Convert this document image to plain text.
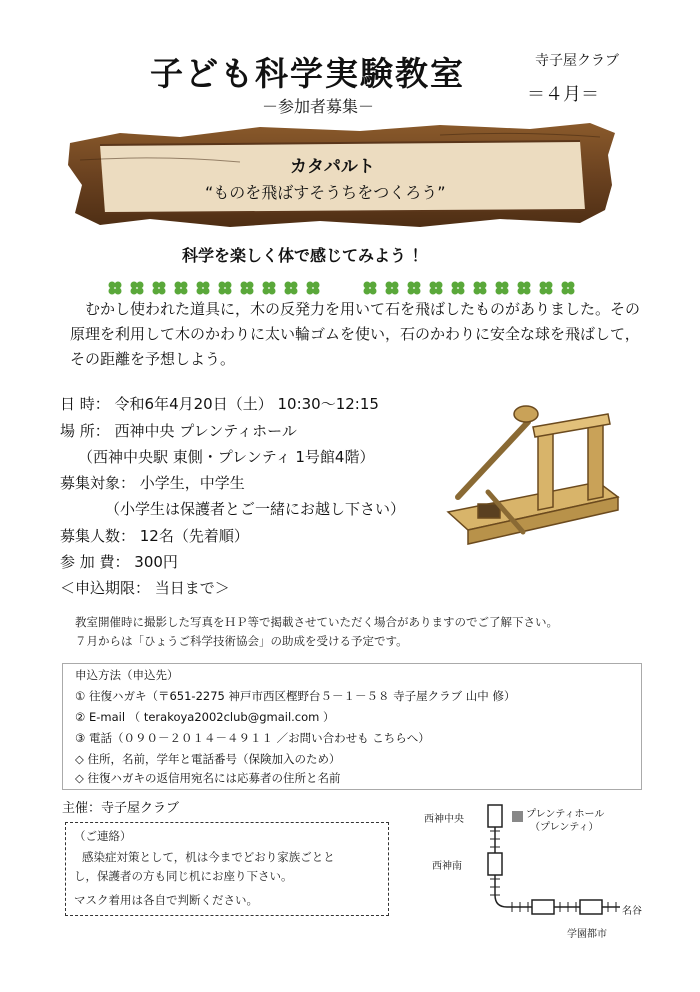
子ども科学実験教室
－参加者募集－
寺子屋クラブ
＝４月＝
カタパルト
“ものを飛ばすそうちをつくろう”
科学を楽しく体で感じてみよう ！
むかし使われた道具に，木の反発力を用いて石を飛ばしたものがありました。その原理を利用して木のかわりに太い輪ゴムを使い，石のかわりに安全な球を飛ばして，その距離を予想しよう。
日 時： 令和6年4月20日（土） 10:30～12:15
場 所： 西神中央 プレンティホール
（西神中央駅 東側・プレンティ 1号館4階）
募集対象： 小学生，中学生
（小学生は保護者とご一緒にお越し下さい）
募集人数： 12名（先着順）
参 加 費： 300円
＜申込期限： 当日まで＞
教室開催時に撮影した写真をＨＰ等で掲載させていただく場合がありますのでご了解下さい。
７月からは「ひょうご科学技術協会」の助成を受ける予定です。
申込方法（申込先）
① 往復ハガキ（〒651-2275 神戸市西区樫野台５－１－５８ 寺子屋クラブ 山中 修）
② E-mail （ terakoya2002club@gmail.com ）
③ 電話（０９０－２０１４－４９１１ ／お問い合わせも こちらへ）
◇ 住所，名前，学年と電話番号（保険加入のため）
◇ 往復ハガキの返信用宛名には応募者の住所と名前
主催：寺子屋クラブ
（ご連絡）
感染症対策として，机は今までどおり家族ごとと
し，保護者の方も同じ机にお座り下さい。
マスク着用は各自で判断ください。
西神中央
西神南
プレンティホール
（プレンティ）
学園都市
名谷
